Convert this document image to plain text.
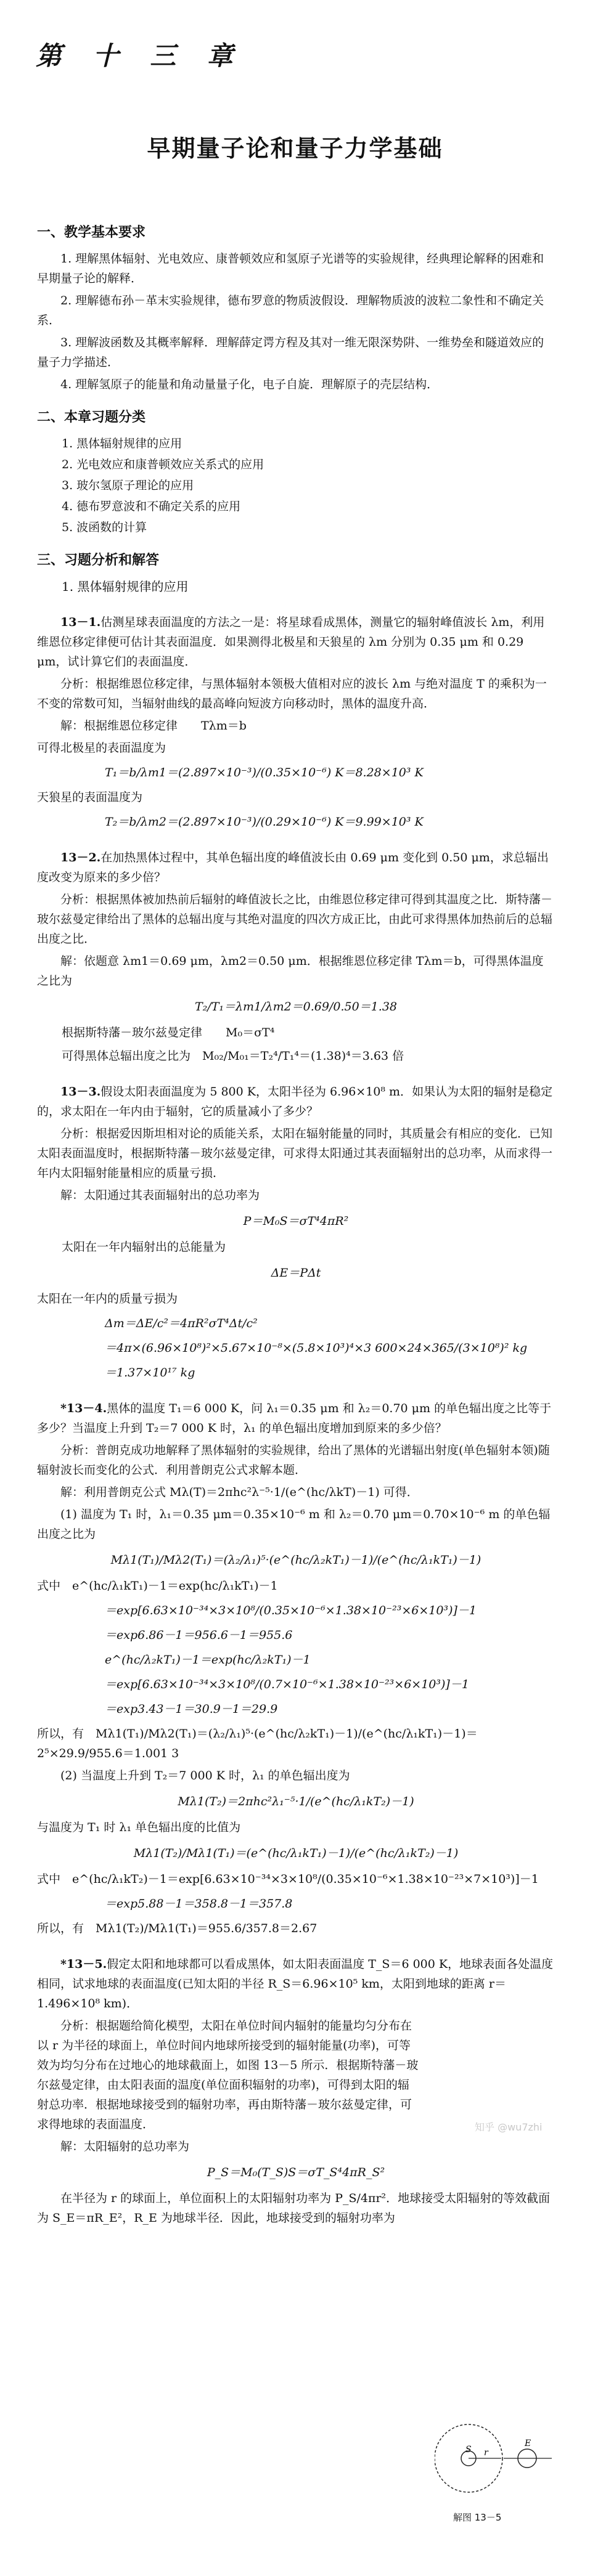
第 十 三 章
早期量子论和量子力学基础
一、教学基本要求

1. 理解黑体辐射、光电效应、康普顿效应和氢原子光谱等的实验规律，经典理论解释的困难和早期量子论的解释．

2. 理解德布孙－革末实验规律，德布罗意的物质波假设．理解物质波的波粒二象性和不确定关系．

3. 理解波函数及其概率解释．理解薛定谔方程及其对一维无限深势阱、一维势垒和隧道效应的量子力学描述．

4. 理解氢原子的能量和角动量量子化，电子自旋．理解原子的壳层结构．

二、本章习题分类
1. 黑体辐射规律的应用
2. 光电效应和康普顿效应关系式的应用
3. 玻尔氢原子理论的应用
4. 德布罗意波和不确定关系的应用
5. 波函数的计算
三、习题分析和解答
1. 黑体辐射规律的应用

13－1.估测星球表面温度的方法之一是：将星球看成黑体，测量它的辐射峰值波长 λm，利用维恩位移定律便可估计其表面温度．如果测得北极星和天狼星的 λm 分别为 0.35 μm 和 0.29 μm，试计算它们的表面温度．

分析：根据维恩位移定律，与黑体辐射本领极大值相对应的波长 λm 与绝对温度 T 的乘积为一不变的常数可知，当辐射曲线的最高峰向短波方向移动时，黑体的温度升高．

解：根据维恩位移定律　　Tλm＝b

可得北极星的表面温度为

T₁＝b/λm1＝(2.897×10⁻³)/(0.35×10⁻⁶) K＝8.28×10³ K

天狼星的表面温度为

T₂＝b/λm2＝(2.897×10⁻³)/(0.29×10⁻⁶) K＝9.99×10³ K

13－2.在加热黑体过程中，其单色辐出度的峰值波长由 0.69 μm 变化到 0.50 μm，求总辐出度改变为原来的多少倍？

分析：根据黑体被加热前后辐射的峰值波长之比，由维恩位移定律可得到其温度之比．斯特藩－玻尔兹曼定律给出了黑体的总辐出度与其绝对温度的四次方成正比，由此可求得黑体加热前后的总辐出度之比．

解：依题意 λm1＝0.69 μm，λm2＝0.50 μm．根据维恩位移定律 Tλm＝b，可得黑体温度之比为

T₂/T₁＝λm1/λm2＝0.69/0.50＝1.38

根据斯特藩－玻尔兹曼定律　　M₀＝σT⁴

可得黑体总辐出度之比为　M₀₂/M₀₁＝T₂⁴/T₁⁴＝(1.38)⁴＝3.63 倍

13－3.假设太阳表面温度为 5 800 K，太阳半径为 6.96×10⁸ m．如果认为太阳的辐射是稳定的，求太阳在一年内由于辐射，它的质量减小了多少？

分析：根据爱因斯坦相对论的质能关系，太阳在辐射能量的同时，其质量会有相应的变化．已知太阳表面温度时，根据斯特藩－玻尔兹曼定律，可求得太阳通过其表面辐射出的总功率，从而求得一年内太阳辐射能量相应的质量亏损．

解：太阳通过其表面辐射出的总功率为

P＝M₀S＝σT⁴4πR²

太阳在一年内辐射出的总能量为

ΔE＝PΔt

太阳在一年内的质量亏损为

Δm＝ΔE/c²＝4πR²σT⁴Δt/c²
＝4π×(6.96×10⁸)²×5.67×10⁻⁸×(5.8×10³)⁴×3 600×24×365/(3×10⁸)² kg
＝1.37×10¹⁷ kg

*13－4.黑体的温度 T₁＝6 000 K，问 λ₁＝0.35 μm 和 λ₂＝0.70 μm 的单色辐出度之比等于多少？当温度上升到 T₂＝7 000 K 时，λ₁ 的单色辐出度增加到原来的多少倍？

分析：普朗克成功地解释了黑体辐射的实验规律，给出了黑体的光谱辐出射度(单色辐射本领)随辐射波长而变化的公式．利用普朗克公式求解本题．

解：利用普朗克公式 Mλ(T)＝2πhc²λ⁻⁵·1/(e^(hc/λkT)－1) 可得．

(1) 温度为 T₁ 时，λ₁＝0.35 μm＝0.35×10⁻⁶ m 和 λ₂＝0.70 μm＝0.70×10⁻⁶ m 的单色辐出度之比为

Mλ1(T₁)/Mλ2(T₁)＝(λ₂/λ₁)⁵·(e^(hc/λ₂kT₁)－1)/(e^(hc/λ₁kT₁)－1)

式中　e^(hc/λ₁kT₁)－1＝exp(hc/λ₁kT₁)－1

＝exp[6.63×10⁻³⁴×3×10⁸/(0.35×10⁻⁶×1.38×10⁻²³×6×10³)]－1
＝exp6.86－1＝956.6－1＝955.6
e^(hc/λ₂kT₁)－1＝exp(hc/λ₂kT₁)－1
＝exp[6.63×10⁻³⁴×3×10⁸/(0.7×10⁻⁶×1.38×10⁻²³×6×10³)]－1
＝exp3.43－1＝30.9－1＝29.9

所以，有　Mλ1(T₁)/Mλ2(T₁)＝(λ₂/λ₁)⁵·(e^(hc/λ₂kT₁)－1)/(e^(hc/λ₁kT₁)－1)＝2⁵×29.9/955.6＝1.001 3

(2) 当温度上升到 T₂＝7 000 K 时，λ₁ 的单色辐出度为

Mλ1(T₂)＝2πhc²λ₁⁻⁵·1/(e^(hc/λ₁kT₂)－1)

与温度为 T₁ 时 λ₁ 单色辐出度的比值为

Mλ1(T₂)/Mλ1(T₁)＝(e^(hc/λ₁kT₁)－1)/(e^(hc/λ₁kT₂)－1)

式中　e^(hc/λ₁kT₂)－1＝exp[6.63×10⁻³⁴×3×10⁸/(0.35×10⁻⁶×1.38×10⁻²³×7×10³)]－1

＝exp5.88－1＝358.8－1＝357.8

所以，有　Mλ1(T₂)/Mλ1(T₁)＝955.6/357.8＝2.67

*13－5.假定太阳和地球都可以看成黑体，如太阳表面温度 T_S＝6 000 K，地球表面各处温度相同，试求地球的表面温度(已知太阳的半径 R_S＝6.96×10⁵ km，太阳到地球的距离 r＝1.496×10⁸ km)．

分析：根据题给简化模型，太阳在单位时间内辐射的能量均匀分布在以 r 为半径的球面上，单位时间内地球所接受到的辐射能量(功率)，可等效为均匀分布在过地心的地球截面上，如图 13－5 所示．根据斯特藩－玻尔兹曼定律，由太阳表面的温度(单位面积辐射的功率)，可得到太阳的辐射总功率．根据地球接受到的辐射功率，再由斯特藩－玻尔兹曼定律，可求得地球的表面温度．

解：太阳辐射的总功率为

P_S＝M₀(T_S)S＝σT_S⁴4πR_S²

在半径为 r 的球面上，单位面积上的太阳辐射功率为 P_S/4πr²．地球接受太阳辐射的等效截面为 S_E＝πR_E²，R_E 为地球半径．因此，地球接受到的辐射功率为

S r
E
解图 13－5
知乎 @wu7zhi
